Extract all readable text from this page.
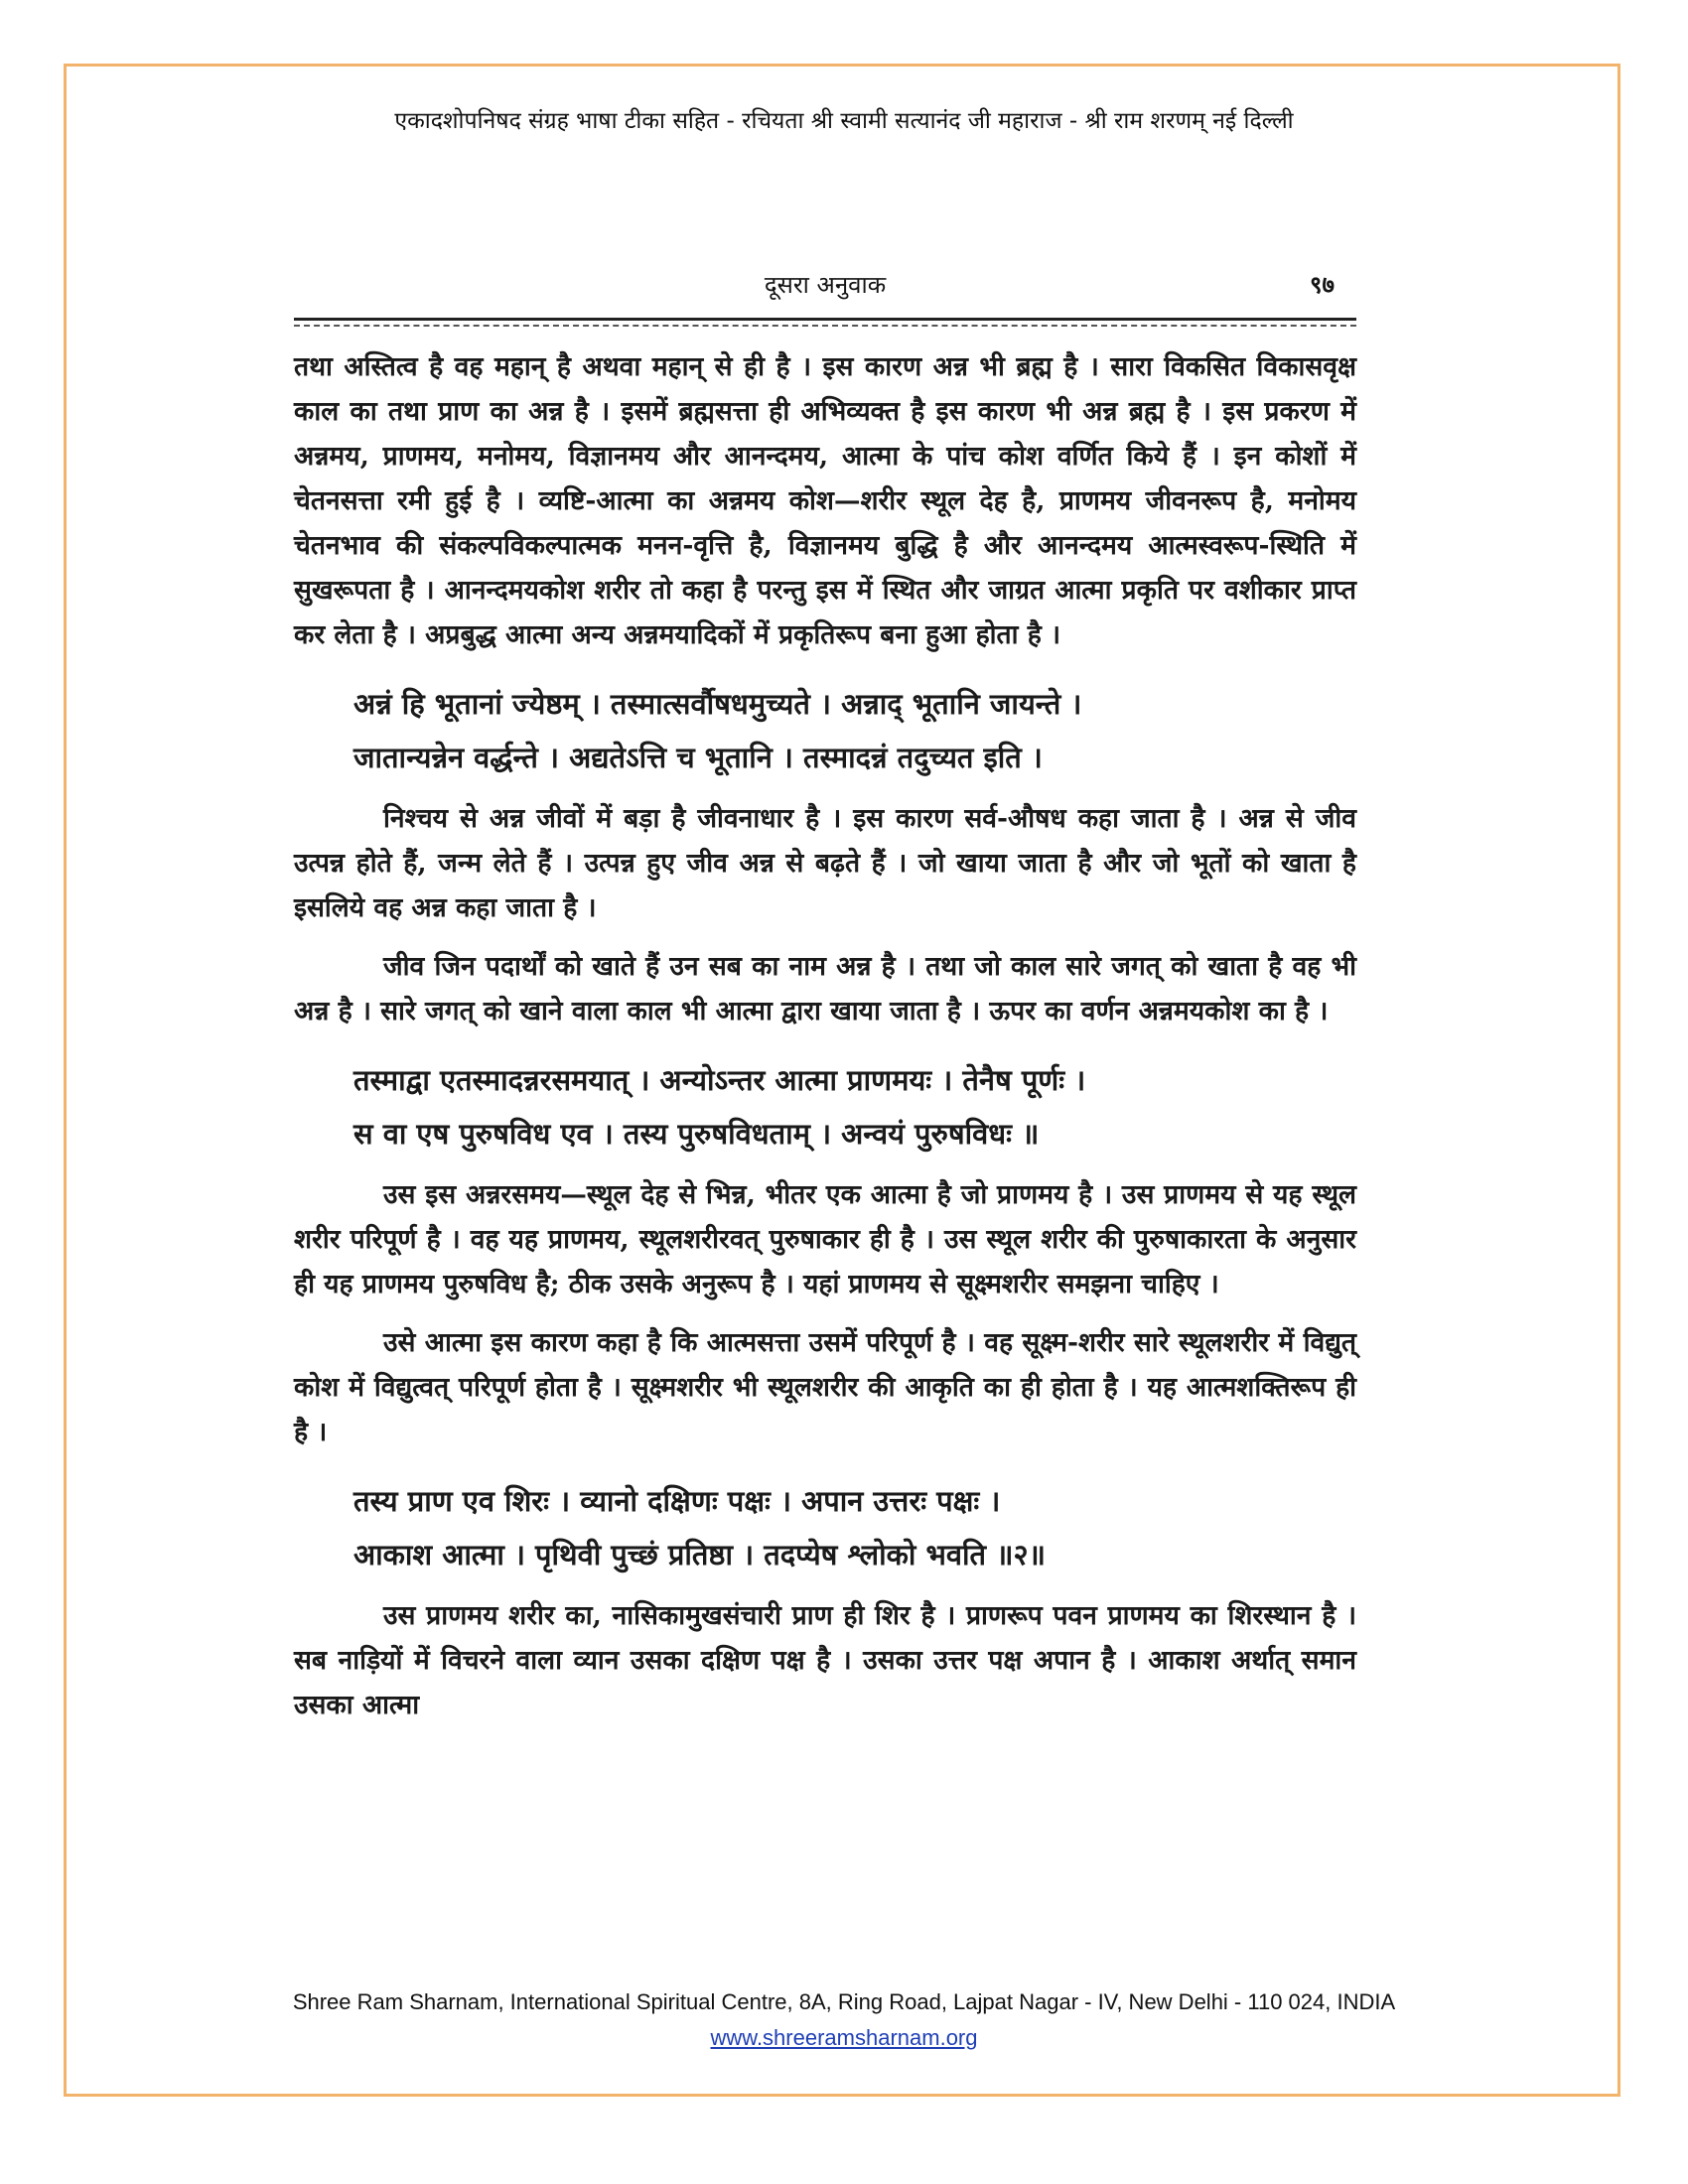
एकादशोपनिषद संग्रह भाषा टीका सहित - रचियता श्री स्वामी सत्यानंद जी महाराज - श्री राम शरणम् नई दिल्ली
दूसरा अनुवाक	९७

तथा अस्तित्व है वह महान् है अथवा महान् से ही है । इस कारण अन्न भी ब्रह्म है । सारा विकसित विकासवृक्ष काल का तथा प्राण का अन्न है । इसमें ब्रह्मसत्ता ही अभिव्यक्त है इस कारण भी अन्न ब्रह्म है । इस प्रकरण में अन्नमय, प्राणमय, मनोमय, विज्ञानमय और आनन्दमय, आत्मा के पांच कोश वर्णित किये हैं । इन कोशों में चेतनसत्ता रमी हुई है । व्यष्टि-आत्मा का अन्नमय कोश—शरीर स्थूल देह है, प्राणमय जीवनरूप है, मनोमय चेतनभाव की संकल्पविकल्पात्मक मनन-वृत्ति है, विज्ञानमय बुद्धि है और आनन्दमय आत्मस्वरूप-स्थिति में सुखरूपता है । आनन्दमयकोश शरीर तो कहा है परन्तु इस में स्थित और जाग्रत आत्मा प्रकृति पर वशीकार प्राप्त कर लेता है । अप्रबुद्ध आत्मा अन्य अन्नमयादिकों में प्रकृतिरूप बना हुआ होता है ।

अन्नं हि भूतानां ज्येष्ठम् । तस्मात्सर्वौषधमुच्यते । अन्नाद् भूतानि जायन्ते ।

जातान्यन्नेन वर्द्धन्ते । अद्यतेऽत्ति च भूतानि । तस्मादन्नं तदुच्यत इति ।

निश्चय से अन्न जीवों में बड़ा है जीवनाधार है । इस कारण सर्व-औषध कहा जाता है । अन्न से जीव उत्पन्न होते हैं, जन्म लेते हैं । उत्पन्न हुए जीव अन्न से बढ़ते हैं । जो खाया जाता है और जो भूतों को खाता है इसलिये वह अन्न कहा जाता है ।

जीव जिन पदार्थों को खाते हैं उन सब का नाम अन्न है । तथा जो काल सारे जगत् को खाता है वह भी अन्न है । सारे जगत् को खाने वाला काल भी आत्मा द्वारा खाया जाता है । ऊपर का वर्णन अन्नमयकोश का है ।

तस्माद्वा एतस्मादन्नरसमयात् । अन्योऽन्तर आत्मा प्राणमयः । तेनैष पूर्णः ।

स वा एष पुरुषविध एव । तस्य पुरुषविधताम् । अन्वयं पुरुषविधः ॥

उस इस अन्नरसमय—स्थूल देह से भिन्न, भीतर एक आत्मा है जो प्राणमय है । उस प्राणमय से यह स्थूल शरीर परिपूर्ण है । वह यह प्राणमय, स्थूलशरीरवत् पुरुषाकार ही है । उस स्थूल शरीर की पुरुषाकारता के अनुसार ही यह प्राणमय पुरुषविध है; ठीक उसके अनुरूप है । यहां प्राणमय से सूक्ष्मशरीर समझना चाहिए ।

उसे आत्मा इस कारण कहा है कि आत्मसत्ता उसमें परिपूर्ण है । वह सूक्ष्म-शरीर सारे स्थूलशरीर में विद्युत् कोश में विद्युत्वत् परिपूर्ण होता है । सूक्ष्मशरीर भी स्थूलशरीर की आकृति का ही होता है । यह आत्मशक्तिरूप ही है ।

तस्य प्राण एव शिरः । व्यानो दक्षिणः पक्षः । अपान उत्तरः पक्षः ।

आकाश आत्मा । पृथिवी पुच्छं प्रतिष्ठा । तदप्येष श्लोको भवति ॥२॥

उस प्राणमय शरीर का, नासिकामुखसंचारी प्राण ही शिर है । प्राणरूप पवन प्राणमय का शिरस्थान है । सब नाड़ियों में विचरने वाला व्यान उसका दक्षिण पक्ष है । उसका उत्तर पक्ष अपान है । आकाश अर्थात् समान उसका आत्मा

Shree Ram Sharnam, International Spiritual Centre, 8A, Ring Road, Lajpat Nagar - IV, New Delhi - 110 024, INDIA
www.shreeramsharnam.org
